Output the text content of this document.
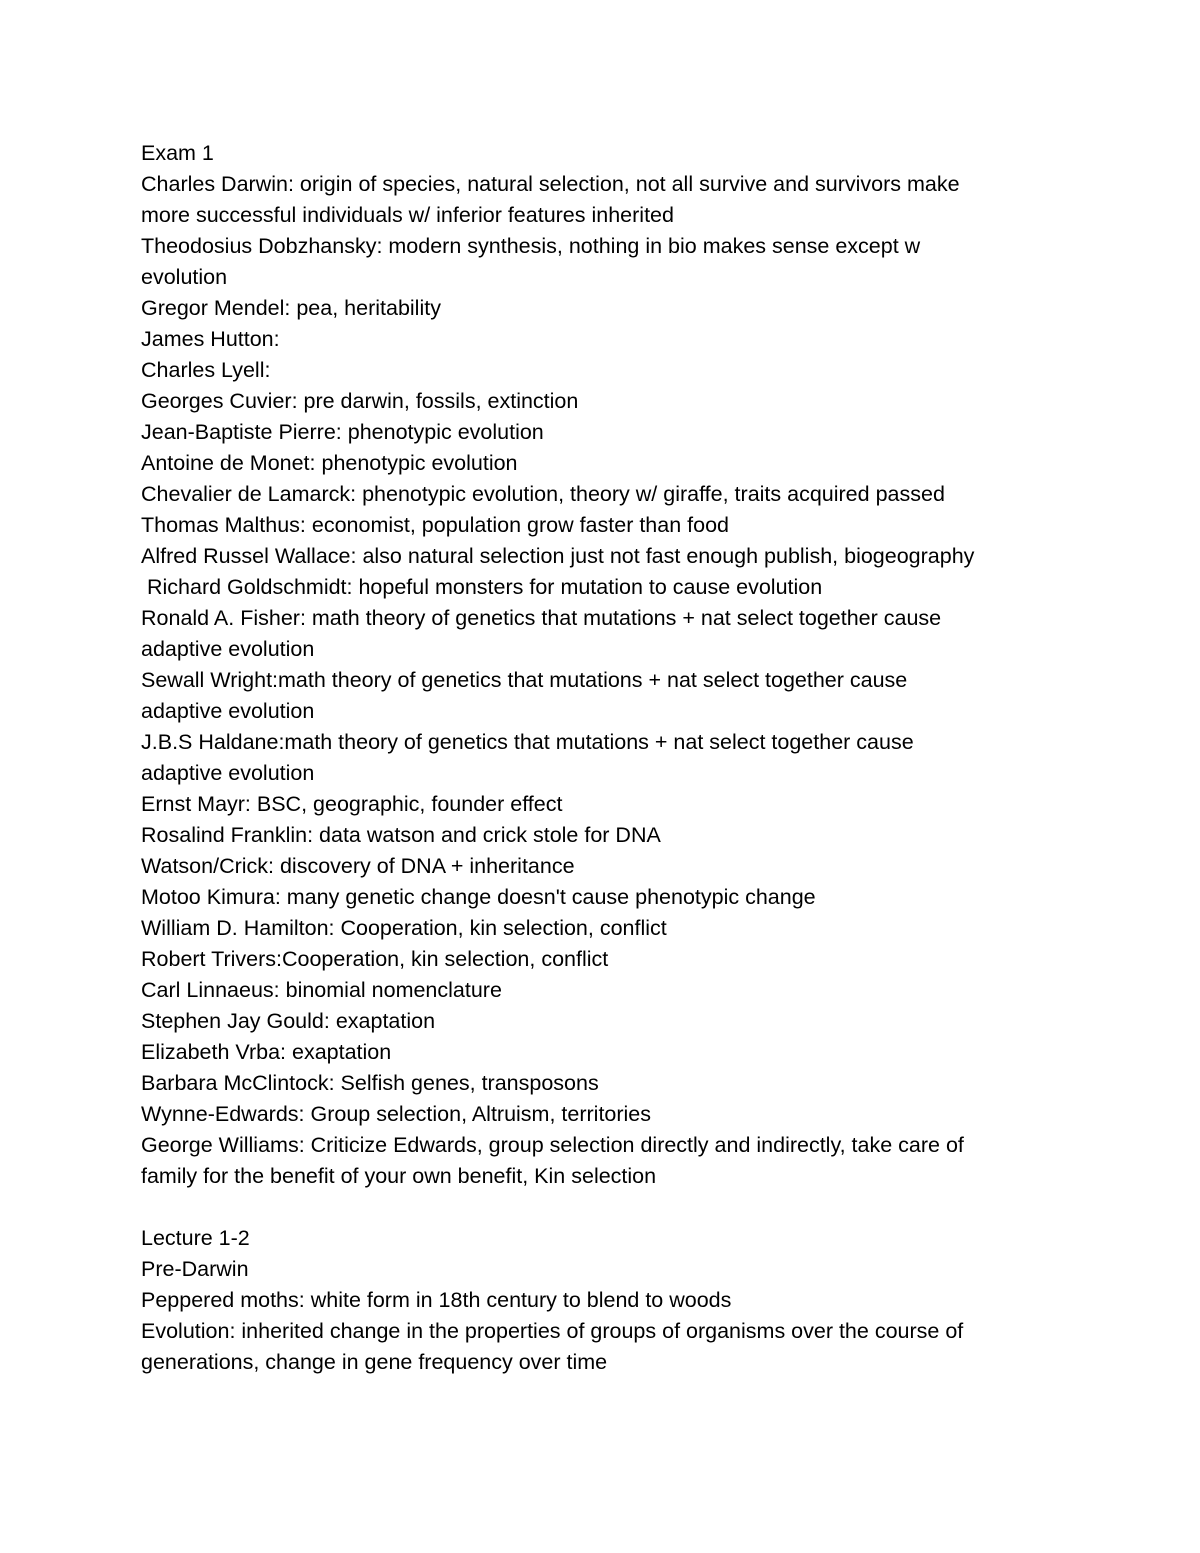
Exam 1

Charles Darwin: origin of species, natural selection, not all survive and survivors make

more successful individuals w/ inferior features inherited

Theodosius Dobzhansky: modern synthesis, nothing in bio makes sense except w

evolution

Gregor Mendel: pea, heritability

James Hutton:

Charles Lyell:

Georges Cuvier: pre darwin, fossils, extinction

Jean-Baptiste Pierre: phenotypic evolution

Antoine de Monet: phenotypic evolution

Chevalier de Lamarck: phenotypic evolution, theory w/ giraffe, traits acquired passed

Thomas Malthus: economist, population grow faster than food

Alfred Russel Wallace: also natural selection just not fast enough publish, biogeography

Richard Goldschmidt: hopeful monsters for mutation to cause evolution

Ronald A. Fisher: math theory of genetics that mutations + nat select together cause

adaptive evolution

Sewall Wright:math theory of genetics that mutations + nat select together cause

adaptive evolution

J.B.S Haldane:math theory of genetics that mutations + nat select together cause

adaptive evolution

Ernst Mayr: BSC, geographic, founder effect

Rosalind Franklin: data watson and crick stole for DNA

Watson/Crick: discovery of DNA + inheritance

Motoo Kimura: many genetic change doesn't cause phenotypic change

William D. Hamilton: Cooperation, kin selection, conflict

Robert Trivers:Cooperation, kin selection, conflict

Carl Linnaeus: binomial nomenclature

Stephen Jay Gould: exaptation

Elizabeth Vrba: exaptation

Barbara McClintock: Selfish genes, transposons

Wynne-Edwards: Group selection, Altruism, territories

George Williams: Criticize Edwards, group selection directly and indirectly, take care of

family for the benefit of your own benefit, Kin selection

Lecture 1-2

Pre-Darwin

Peppered moths: white form in 18th century to blend to woods

Evolution: inherited change in the properties of groups of organisms over the course of

generations, change in gene frequency over time
